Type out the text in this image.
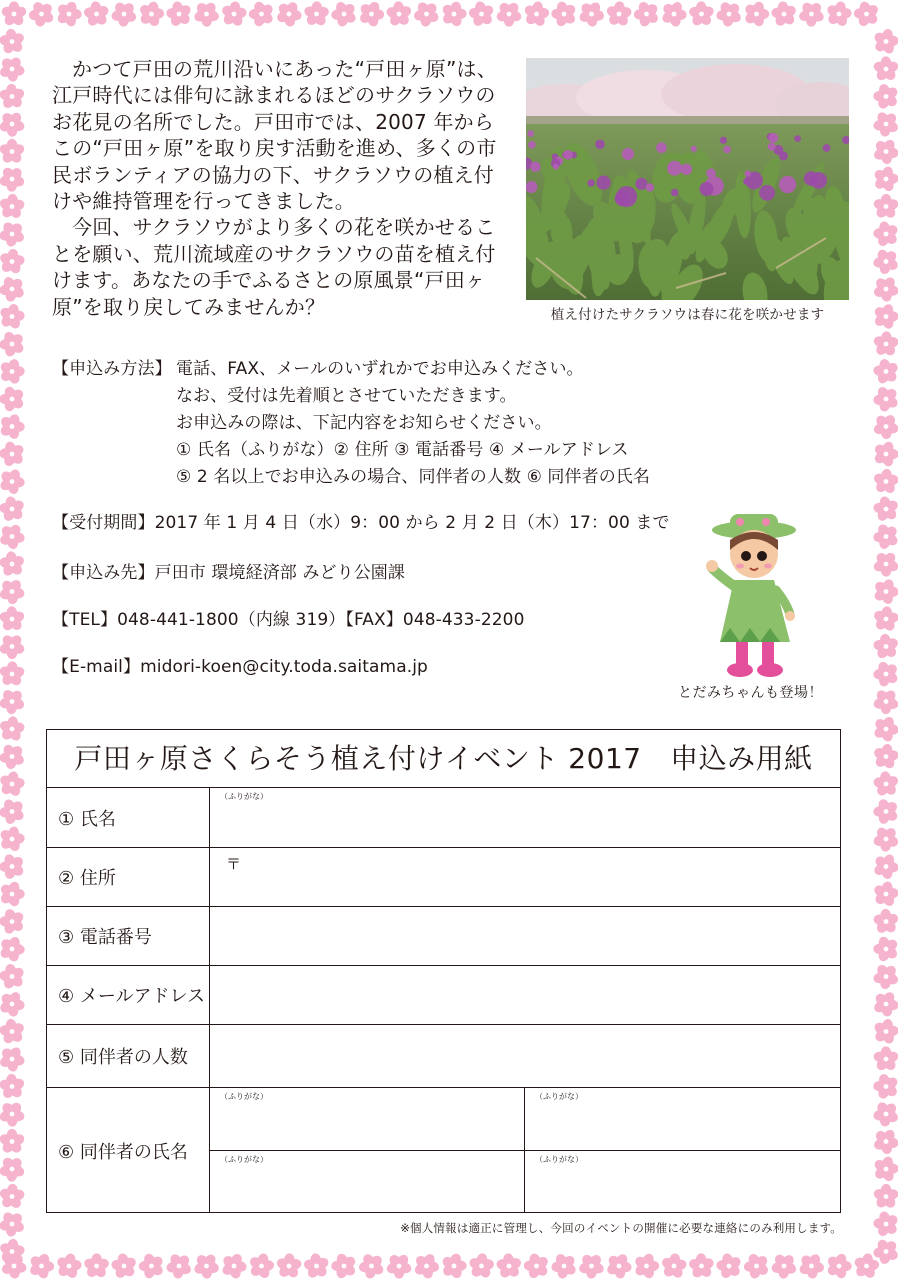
かつて戸田の荒川沿いにあった“戸田ヶ原”は、江戸時代には俳句に詠まれるほどのサクラソウのお花見の名所でした。戸田市では、2007 年からこの“戸田ヶ原”を取り戻す活動を進め、多くの市民ボランティアの協力の下、サクラソウの植え付けや維持管理を行ってきました。

今回、サクラソウがより多くの花を咲かせることを願い、荒川流域産のサクラソウの苗を植え付けます。あなたの手でふるさとの原風景“戸田ヶ原”を取り戻してみませんか？	植え付けたサクラソウは春に花を咲かせます
【申込み方法】 電話、FAX、メールのいずれかでお申込みください。
なお、受付は先着順とさせていただきます。
お申込みの際は、下記内容をお知らせください。
① 氏名（ふりがな）② 住所 ③ 電話番号 ④ メールアドレス
⑤ 2 名以上でお申込みの場合、同伴者の人数 ⑥ 同伴者の氏名
【受付期間】2017 年 1 月 4 日（水）9：00 から 2 月 2 日（木）17：00 まで
【申込み先】戸田市 環境経済部 みどり公園課
【TEL】048-441-1800（内線 319）【FAX】048-433-2200
【E-mail】midori-koen@city.toda.saitama.jp
とだみちゃんも登場！
戸田ヶ原さくらそう植え付けイベント 2017　申込み用紙
① 氏名
（ふりがな）
② 住所
〒
③ 電話番号
④ メールアドレス
⑤ 同伴者の人数
⑥ 同伴者の氏名
（ふりがな）	（ふりがな）
（ふりがな）	（ふりがな）
※個人情報は適正に管理し、今回のイベントの開催に必要な連絡にのみ利用します。
